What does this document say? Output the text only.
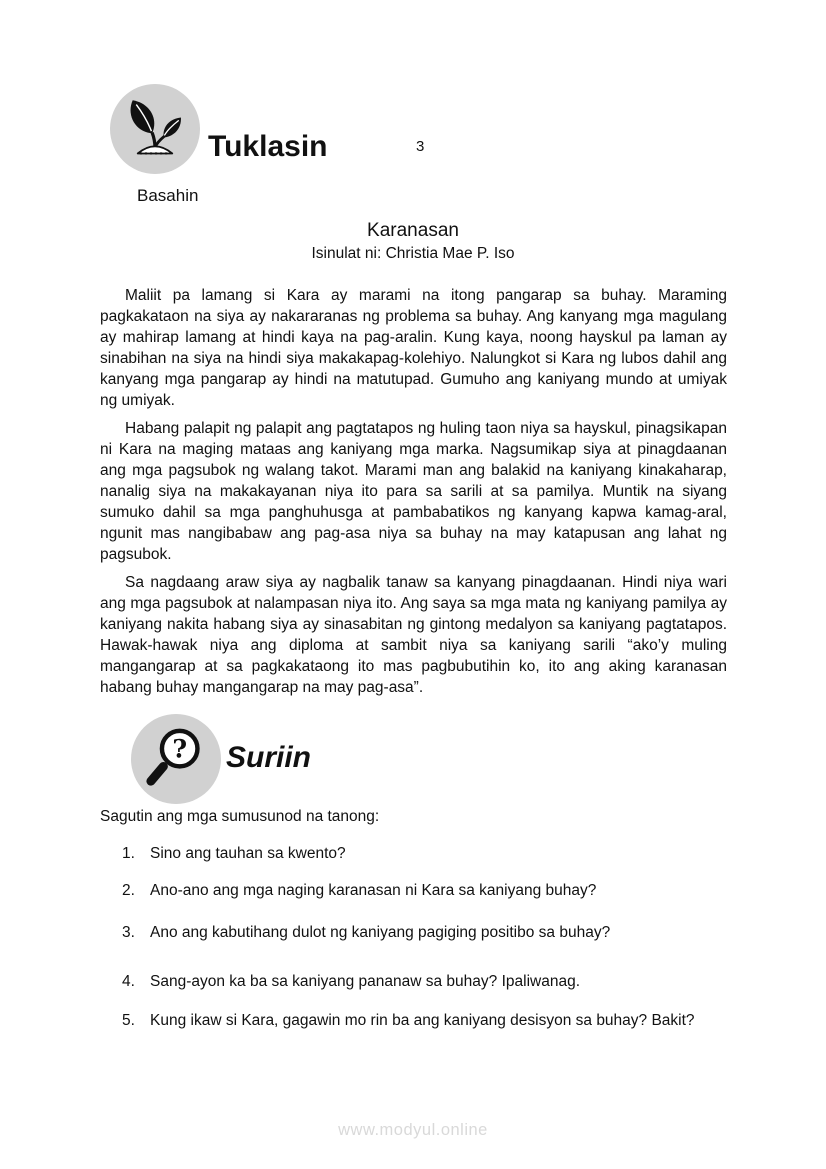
Tuklasin	3
Basahin
Karanasan
Isinulat ni: Christia Mae P. Iso

Maliit pa lamang si Kara ay marami na itong pangarap sa buhay. Maraming pagkakataon na siya ay nakararanas ng problema sa buhay. Ang kanyang mga magulang ay mahirap lamang at hindi kaya na pag-aralin. Kung kaya, noong hayskul pa laman ay sinabihan na siya na hindi siya makakapag-kolehiyo. Nalungkot si Kara ng lubos dahil ang kanyang mga pangarap ay hindi na matutupad. Gumuho ang kaniyang mundo at umiyak ng umiyak.

Habang palapit ng palapit ang pagtatapos ng huling taon niya sa hayskul, pinagsikapan ni Kara na maging mataas ang kaniyang mga marka. Nagsumikap siya at pinagdaanan ang mga pagsubok ng walang takot. Marami man ang balakid na kaniyang kinakaharap, nanalig siya na makakayanan niya ito para sa sarili at sa pamilya. Muntik na siyang sumuko dahil sa mga panghuhusga at pambabatikos ng kanyang kapwa kamag-aral, ngunit mas nangibabaw ang pag-asa niya sa buhay na may katapusan ang lahat ng pagsubok.

Sa nagdaang araw siya ay nagbalik tanaw sa kanyang pinagdaanan. Hindi niya wari ang mga pagsubok at nalampasan niya ito. Ang saya sa mga mata ng kaniyang pamilya ay kaniyang nakita habang siya ay sinasabitan ng gintong medalyon sa kaniyang pagtatapos. Hawak-hawak niya ang diploma at sambit niya sa kaniyang sarili “ako’y muling mangangarap at sa pagkakataong ito mas pagbubutihin ko, ito ang aking karanasan habang buhay mangangarap na may pag-asa”.

? Suriin
Sagutin ang mga sumusunod na tanong:
1. Sino ang tauhan sa kwento?
2. Ano-ano ang mga naging karanasan ni Kara sa kaniyang buhay?
3. Ano ang kabutihang dulot ng kaniyang pagiging positibo sa buhay?
4. Sang-ayon ka ba sa kaniyang pananaw sa buhay? Ipaliwanag.
5. Kung ikaw si Kara, gagawin mo rin ba ang kaniyang desisyon sa buhay? Bakit?
www.modyul.online
